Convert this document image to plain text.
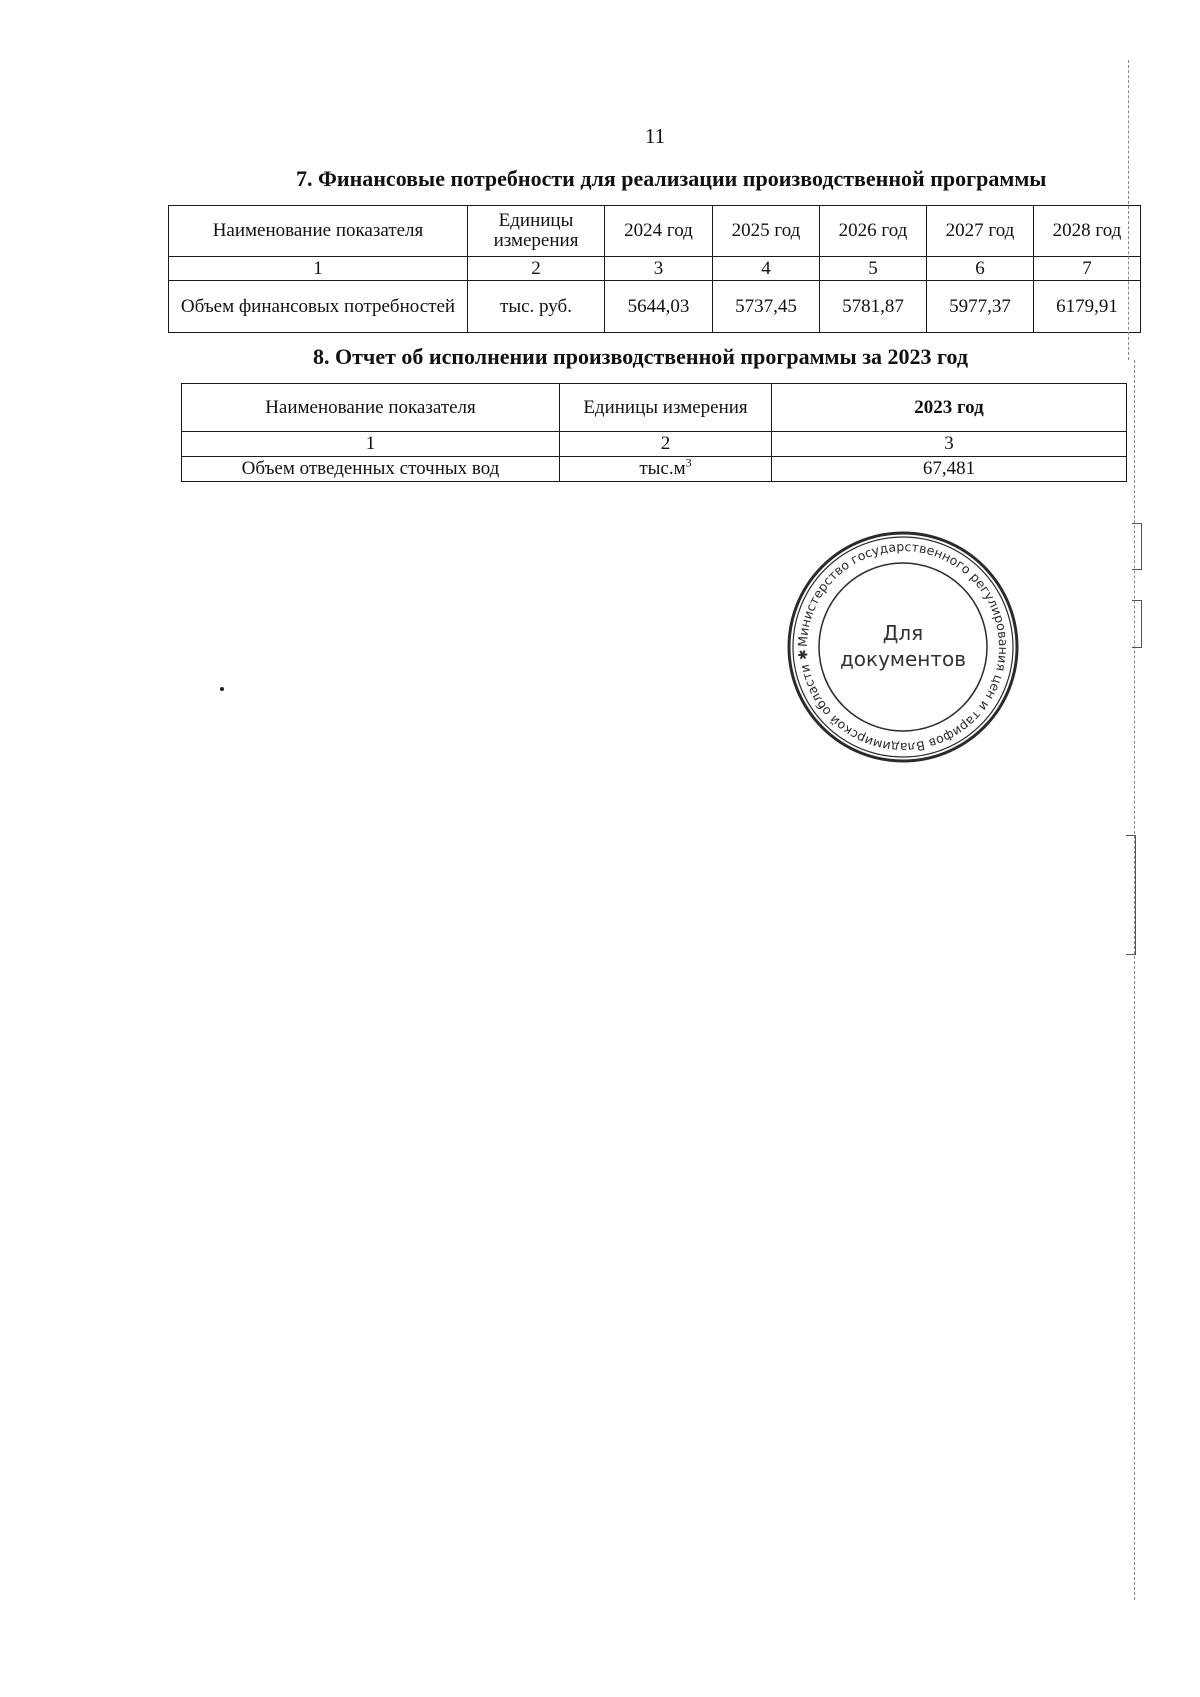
11
7. Финансовые потребности для реализации производственной программы
Наименование показателя	Единицы измерения	2024 год	2025 год	2026 год	2027 год	2028 год
1	2	3	4	5	6	7
Объем финансовых потребностей	тыс. руб.	5644,03	5737,45	5781,87	5977,37	6179,91
8. Отчет об исполнении производственной программы за 2023 год
Наименование показателя	Единицы измерения	2023 год
1	2	3
Объем отведенных сточных вод	$тыс.м^3$	67,481
Министерство государственного регулирования цен и тарифов Владимирской области ✱
Для
документов
